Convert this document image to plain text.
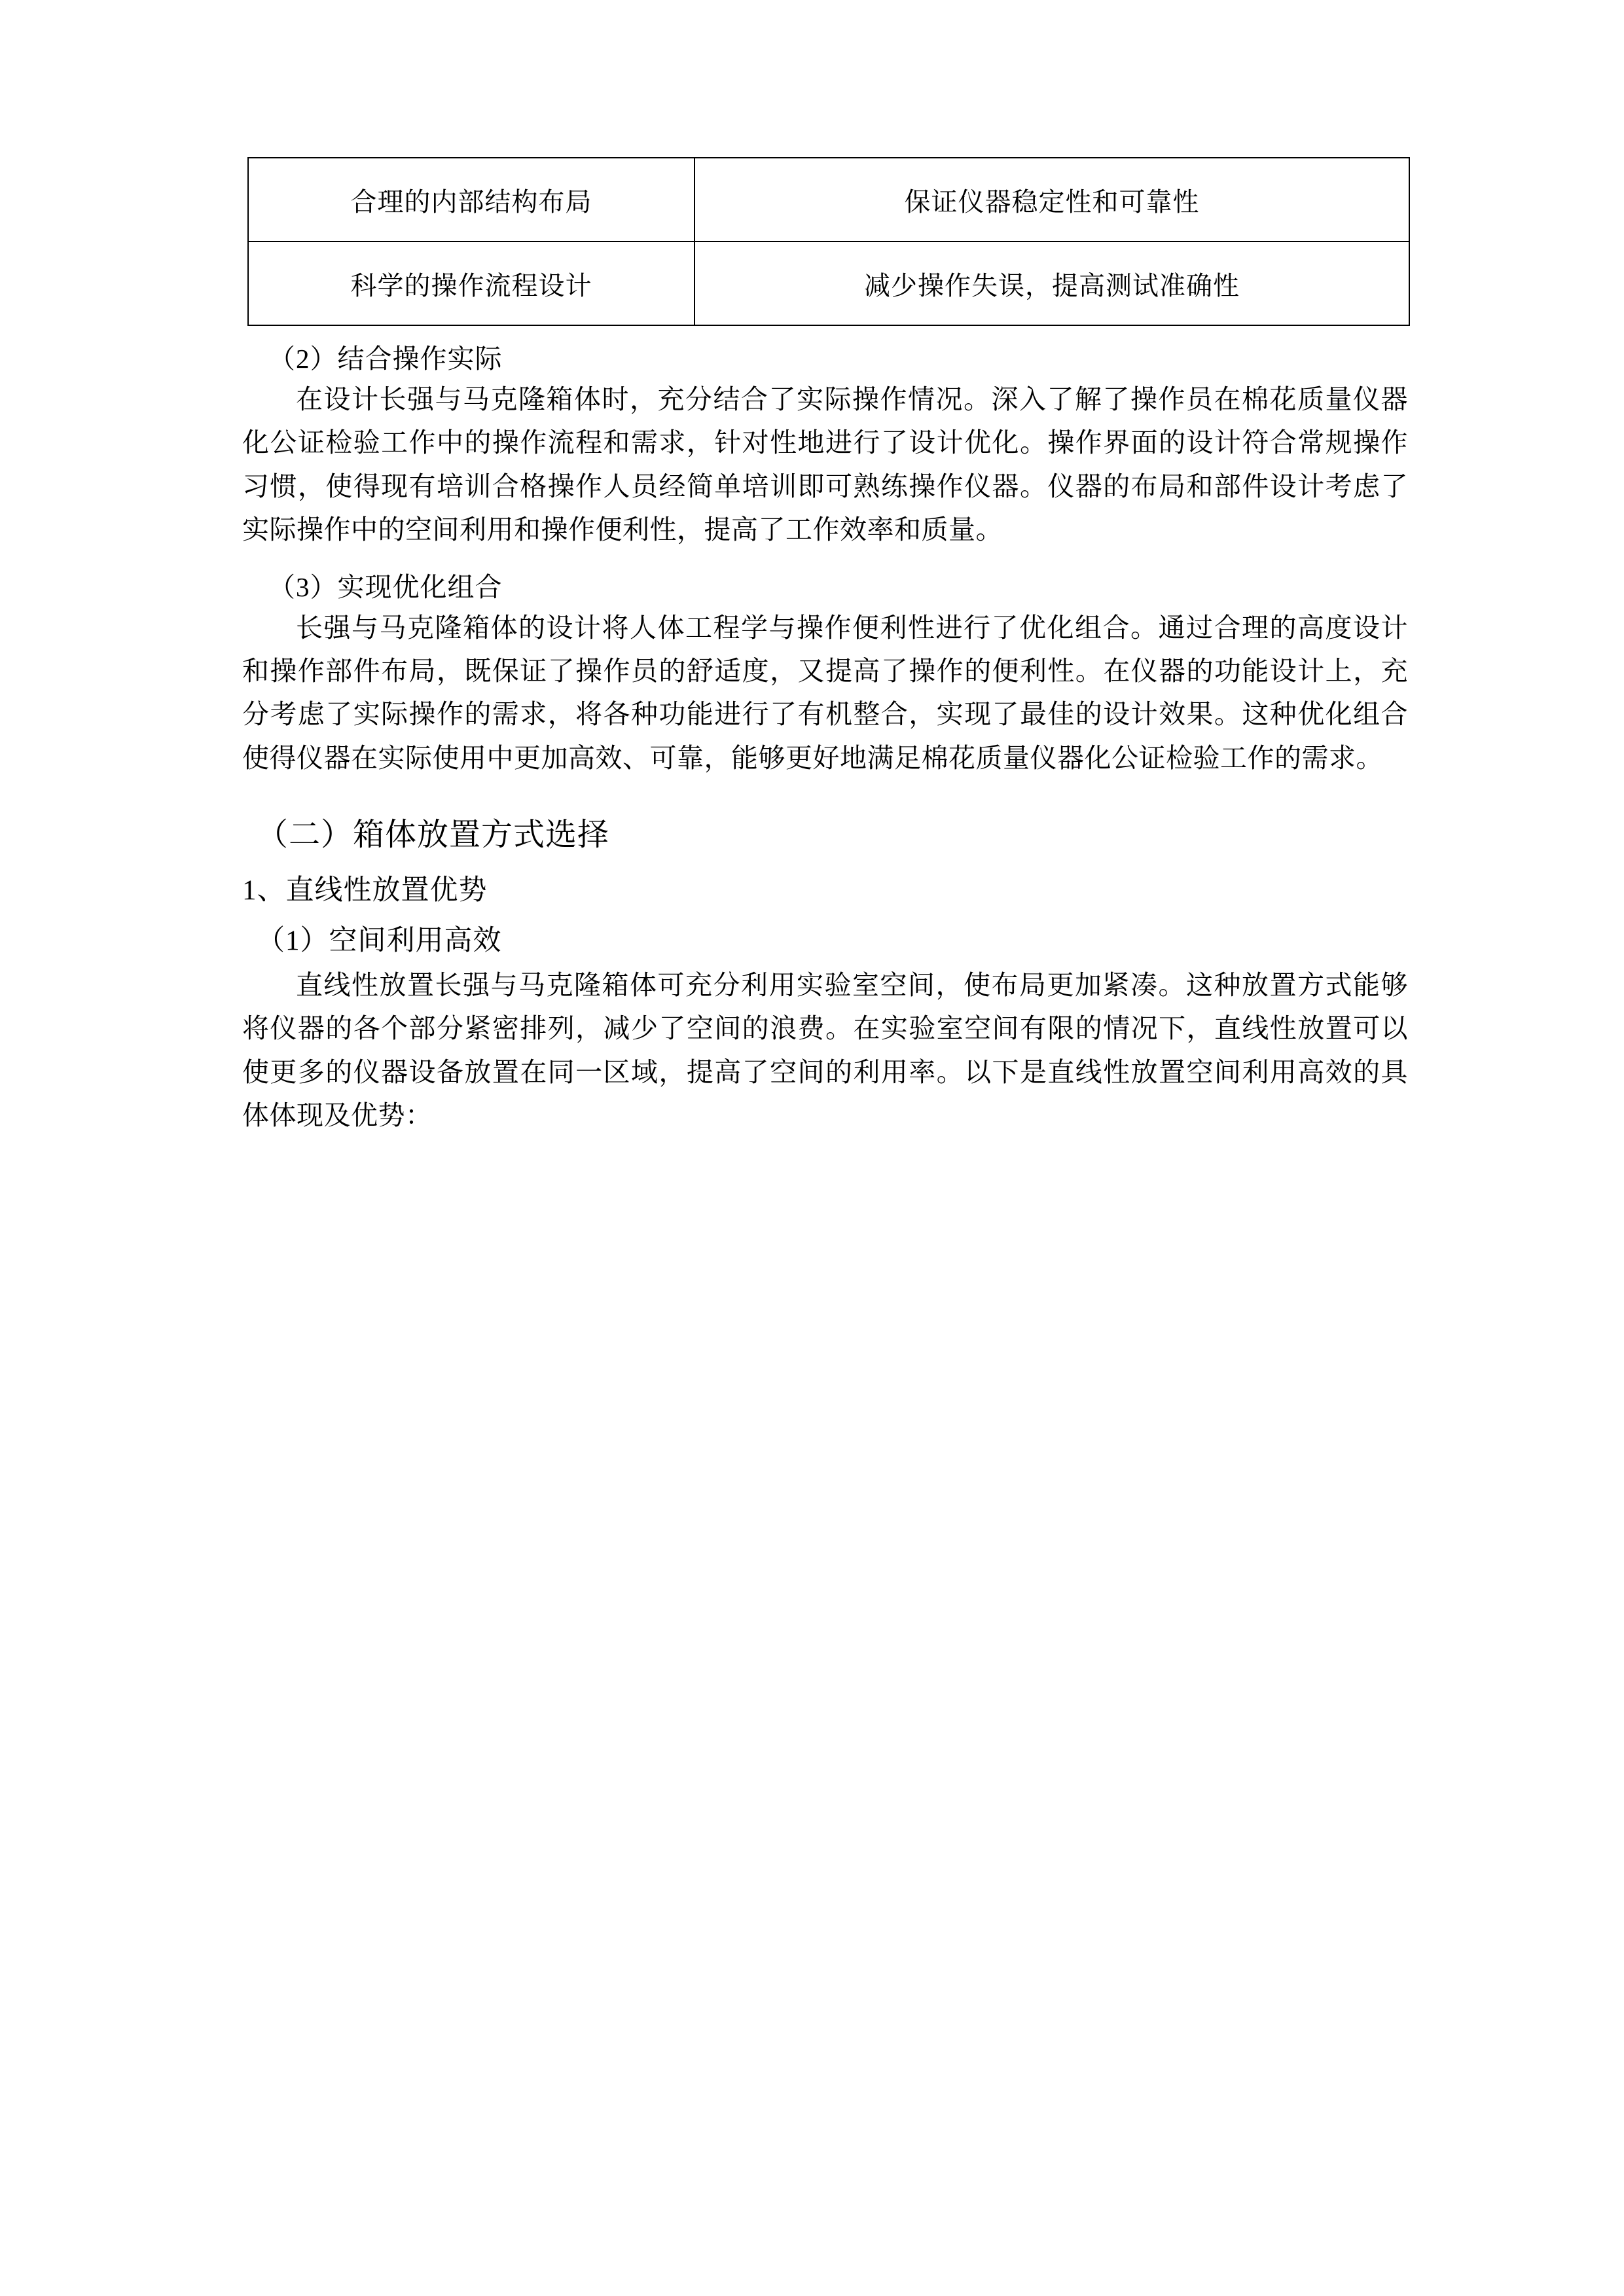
合理的内部结构布局	保证仪器稳定性和可靠性
科学的操作流程设计	减少操作失误，提高测试准确性
（2）结合操作实际

在设计长强与马克隆箱体时，充分结合了实际操作情况。深入了解了操作员在棉花质量仪器化公证检验工作中的操作流程和需求，针对性地进行了设计优化。操作界面的设计符合常规操作习惯，使得现有培训合格操作人员经简单培训即可熟练操作仪器。仪器的布局和部件设计考虑了实际操作中的空间利用和操作便利性，提高了工作效率和质量。

（3）实现优化组合

长强与马克隆箱体的设计将人体工程学与操作便利性进行了优化组合。通过合理的高度设计和操作部件布局，既保证了操作员的舒适度，又提高了操作的便利性。在仪器的功能设计上，充分考虑了实际操作的需求，将各种功能进行了有机整合，实现了最佳的设计效果。这种优化组合使得仪器在实际使用中更加高效、可靠，能够更好地满足棉花质量仪器化公证检验工作的需求。

（二）箱体放置方式选择
1、直线性放置优势
（1）空间利用高效

直线性放置长强与马克隆箱体可充分利用实验室空间，使布局更加紧凑。这种放置方式能够将仪器的各个部分紧密排列，减少了空间的浪费。在实验室空间有限的情况下，直线性放置可以使更多的仪器设备放置在同一区域，提高了空间的利用率。以下是直线性放置空间利用高效的具体体现及优势：
